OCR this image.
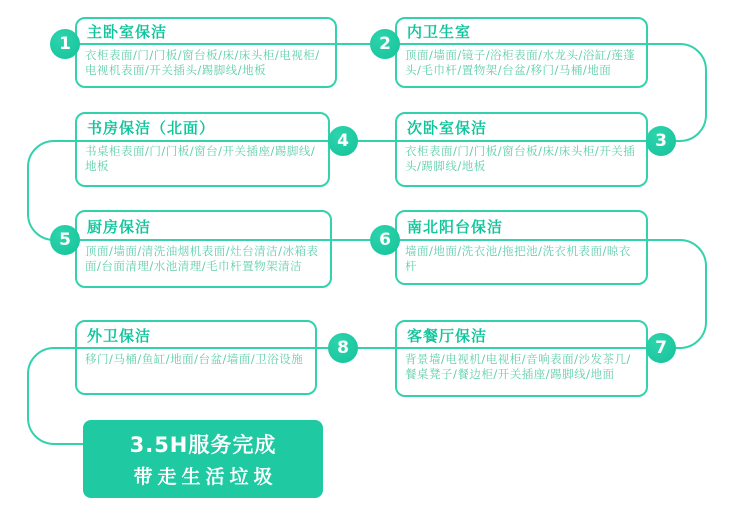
主卧室保洁
衣柜表面/门/门板/窗台板/床/床头柜/电视柜/电视机表面/开关插头/踢脚线/地板
内卫生室
顶面/墙面/镜子/浴柜表面/水龙头/浴缸/莲蓬头/毛巾杆/置物架/台盆/移门/马桶/地面
次卧室保洁
衣柜表面/门/门板/窗台板/床/床头柜/开关插头/踢脚线/地板
书房保洁（北面）
书桌柜表面/门/门板/窗台/开关插座/踢脚线/地板
厨房保洁
顶面/墙面/清洗油烟机表面/灶台清洁/冰箱表面/台面清理/水池清理/毛巾杆置物架清洁
南北阳台保洁
墙面/地面/洗衣池/拖把池/洗衣机表面/晾衣杆
客餐厅保洁
背景墙/电视机/电视柜/音响表面/沙发茶几/餐桌凳子/餐边柜/开关插座/踢脚线/地面
外卫保洁
移门/马桶/鱼缸/地面/台盆/墙面/卫浴设施
1	2
3
4
5	6
7
8
3.5H服务完成
带走生活垃圾
